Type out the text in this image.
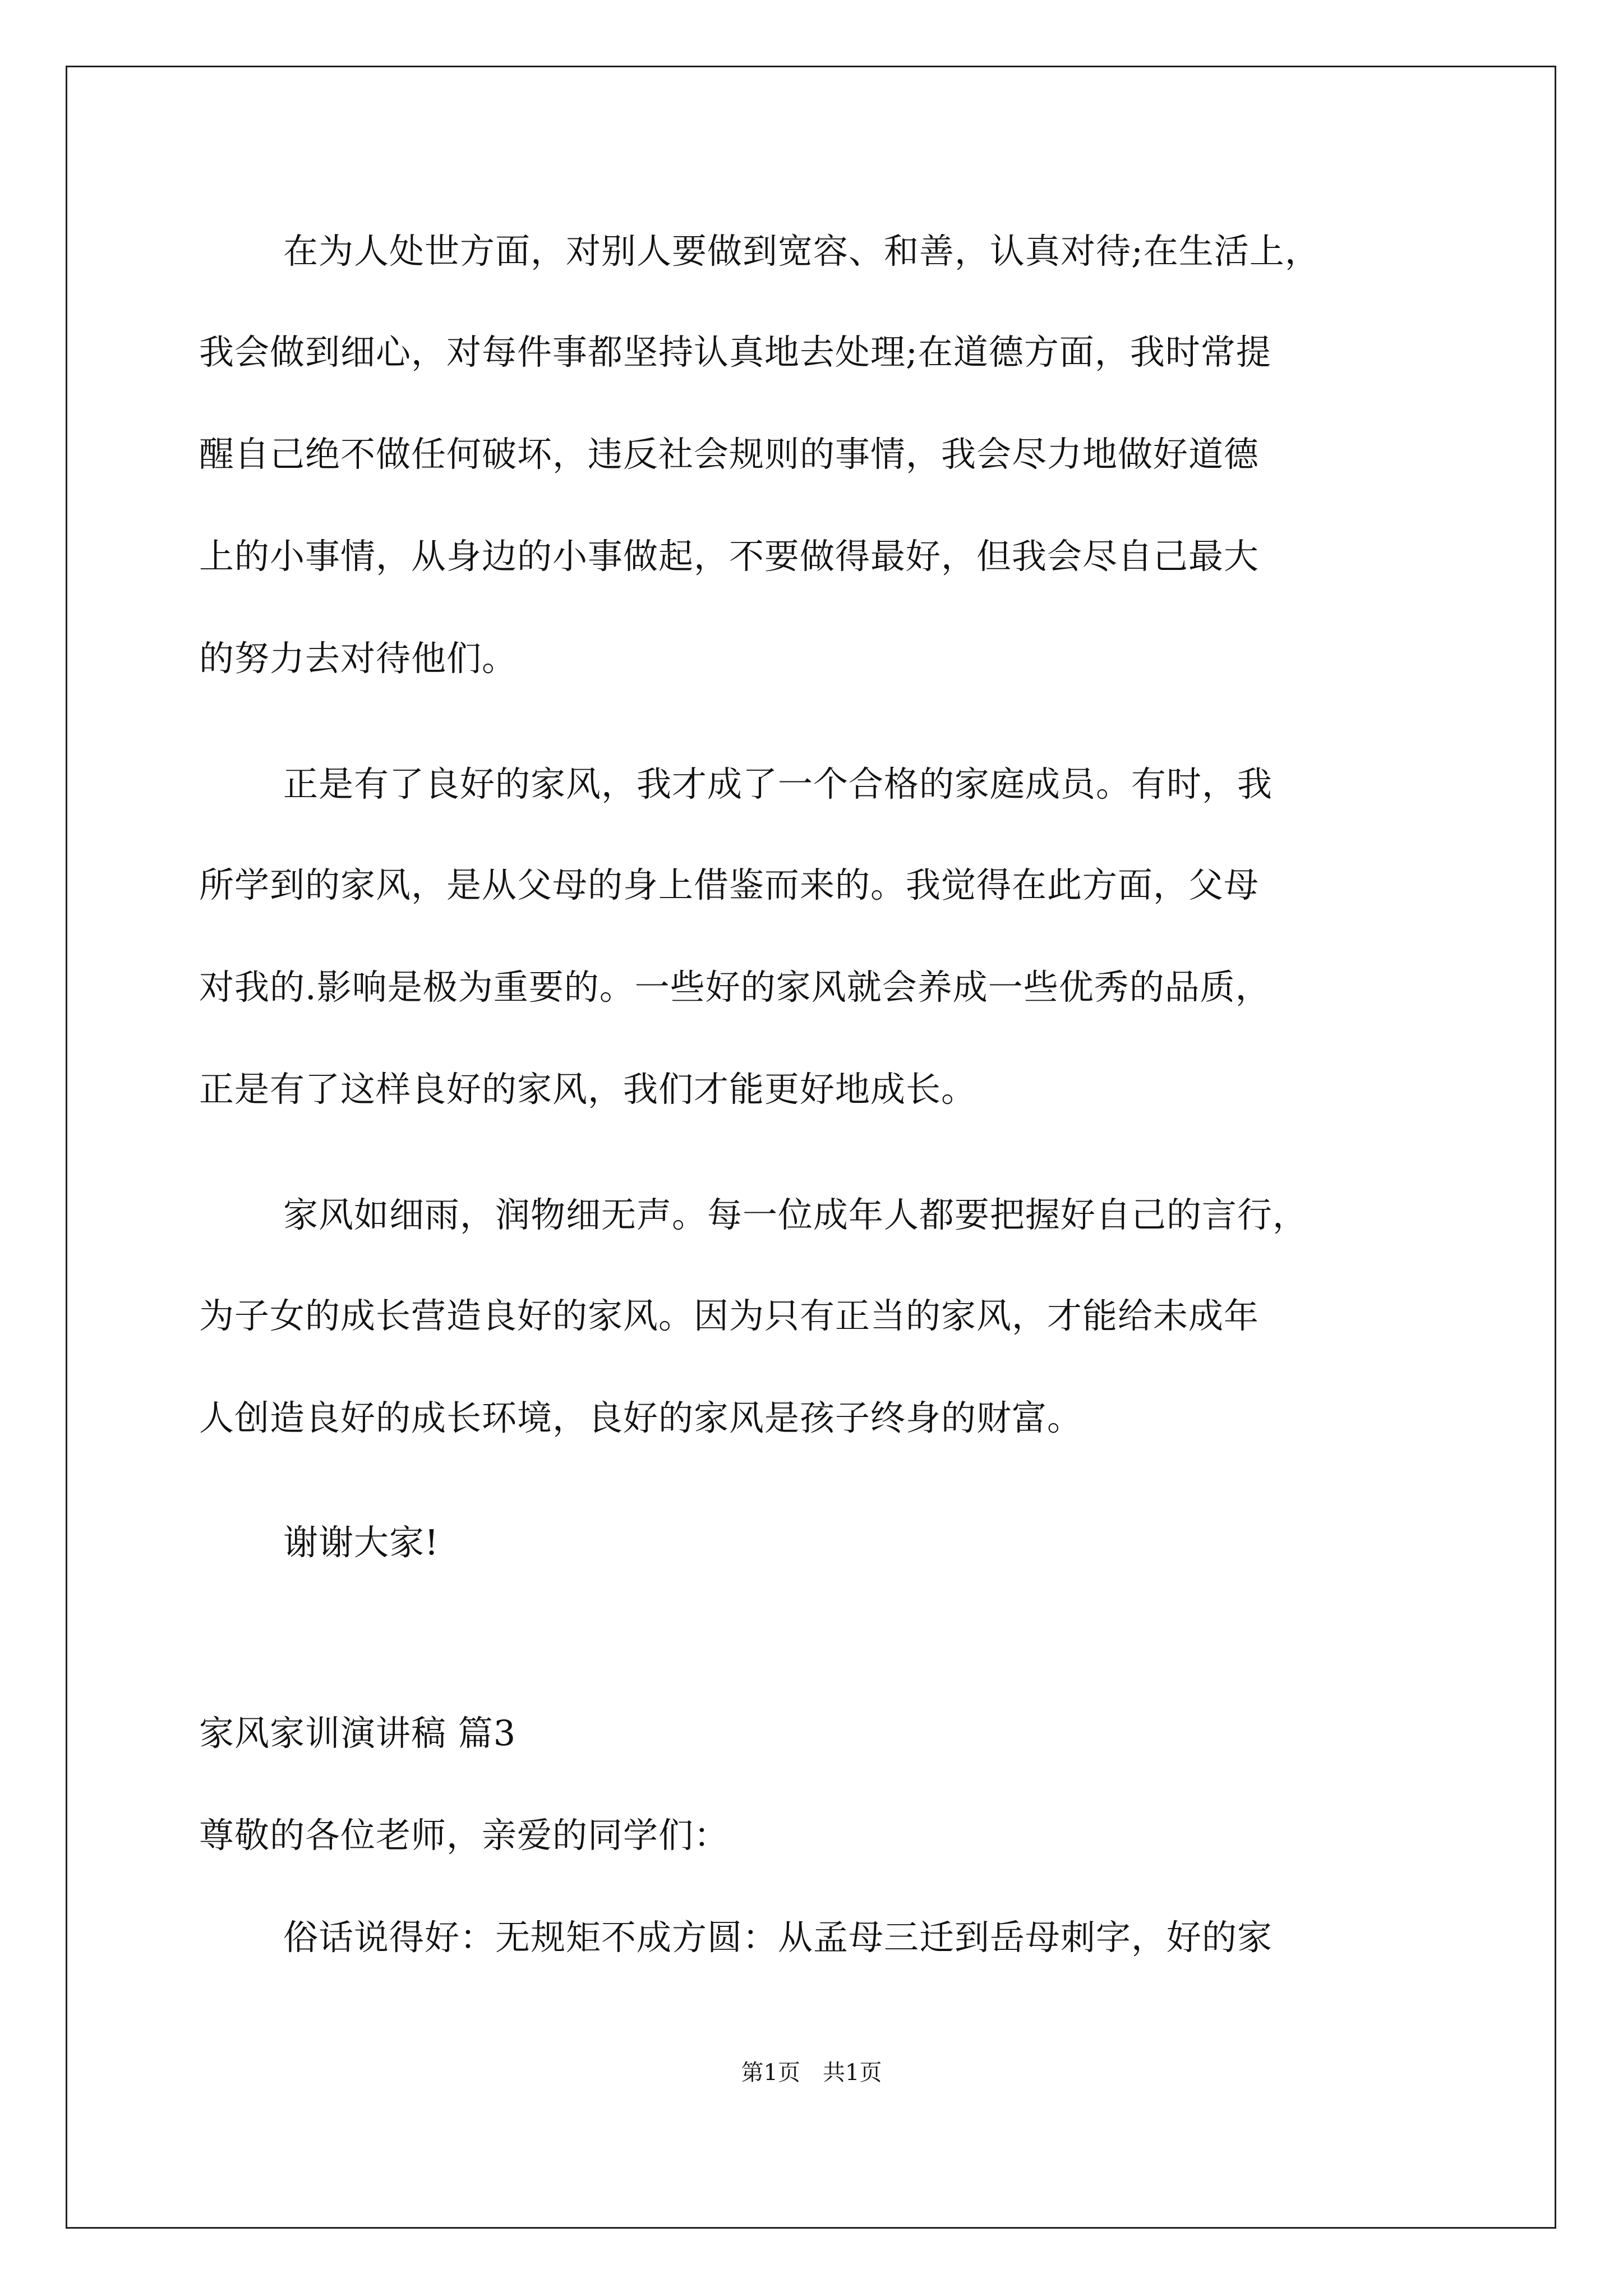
在为人处世方面，对别人要做到宽容、和善，认真对待;在生活上，
我会做到细心，对每件事都坚持认真地去处理;在道德方面，我时常提
醒自己绝不做任何破坏，违反社会规则的事情，我会尽力地做好道德
上的小事情，从身边的小事做起，不要做得最好，但我会尽自己最大
的努力去对待他们。
正是有了良好的家风，我才成了一个合格的家庭成员。有时，我
所学到的家风，是从父母的身上借鉴而来的。我觉得在此方面，父母
对我的.影响是极为重要的。一些好的家风就会养成一些优秀的品质，
正是有了这样良好的家风，我们才能更好地成长。
家风如细雨，润物细无声。每一位成年人都要把握好自己的言行，
为子女的成长营造良好的家风。因为只有正当的家风，才能给未成年
人创造良好的成长环境，良好的家风是孩子终身的财富。
谢谢大家!
家风家训演讲稿 篇3
尊敬的各位老师，亲爱的同学们：
俗话说得好：无规矩不成方圆：从孟母三迁到岳母刺字，好的家
第1页　共1页
